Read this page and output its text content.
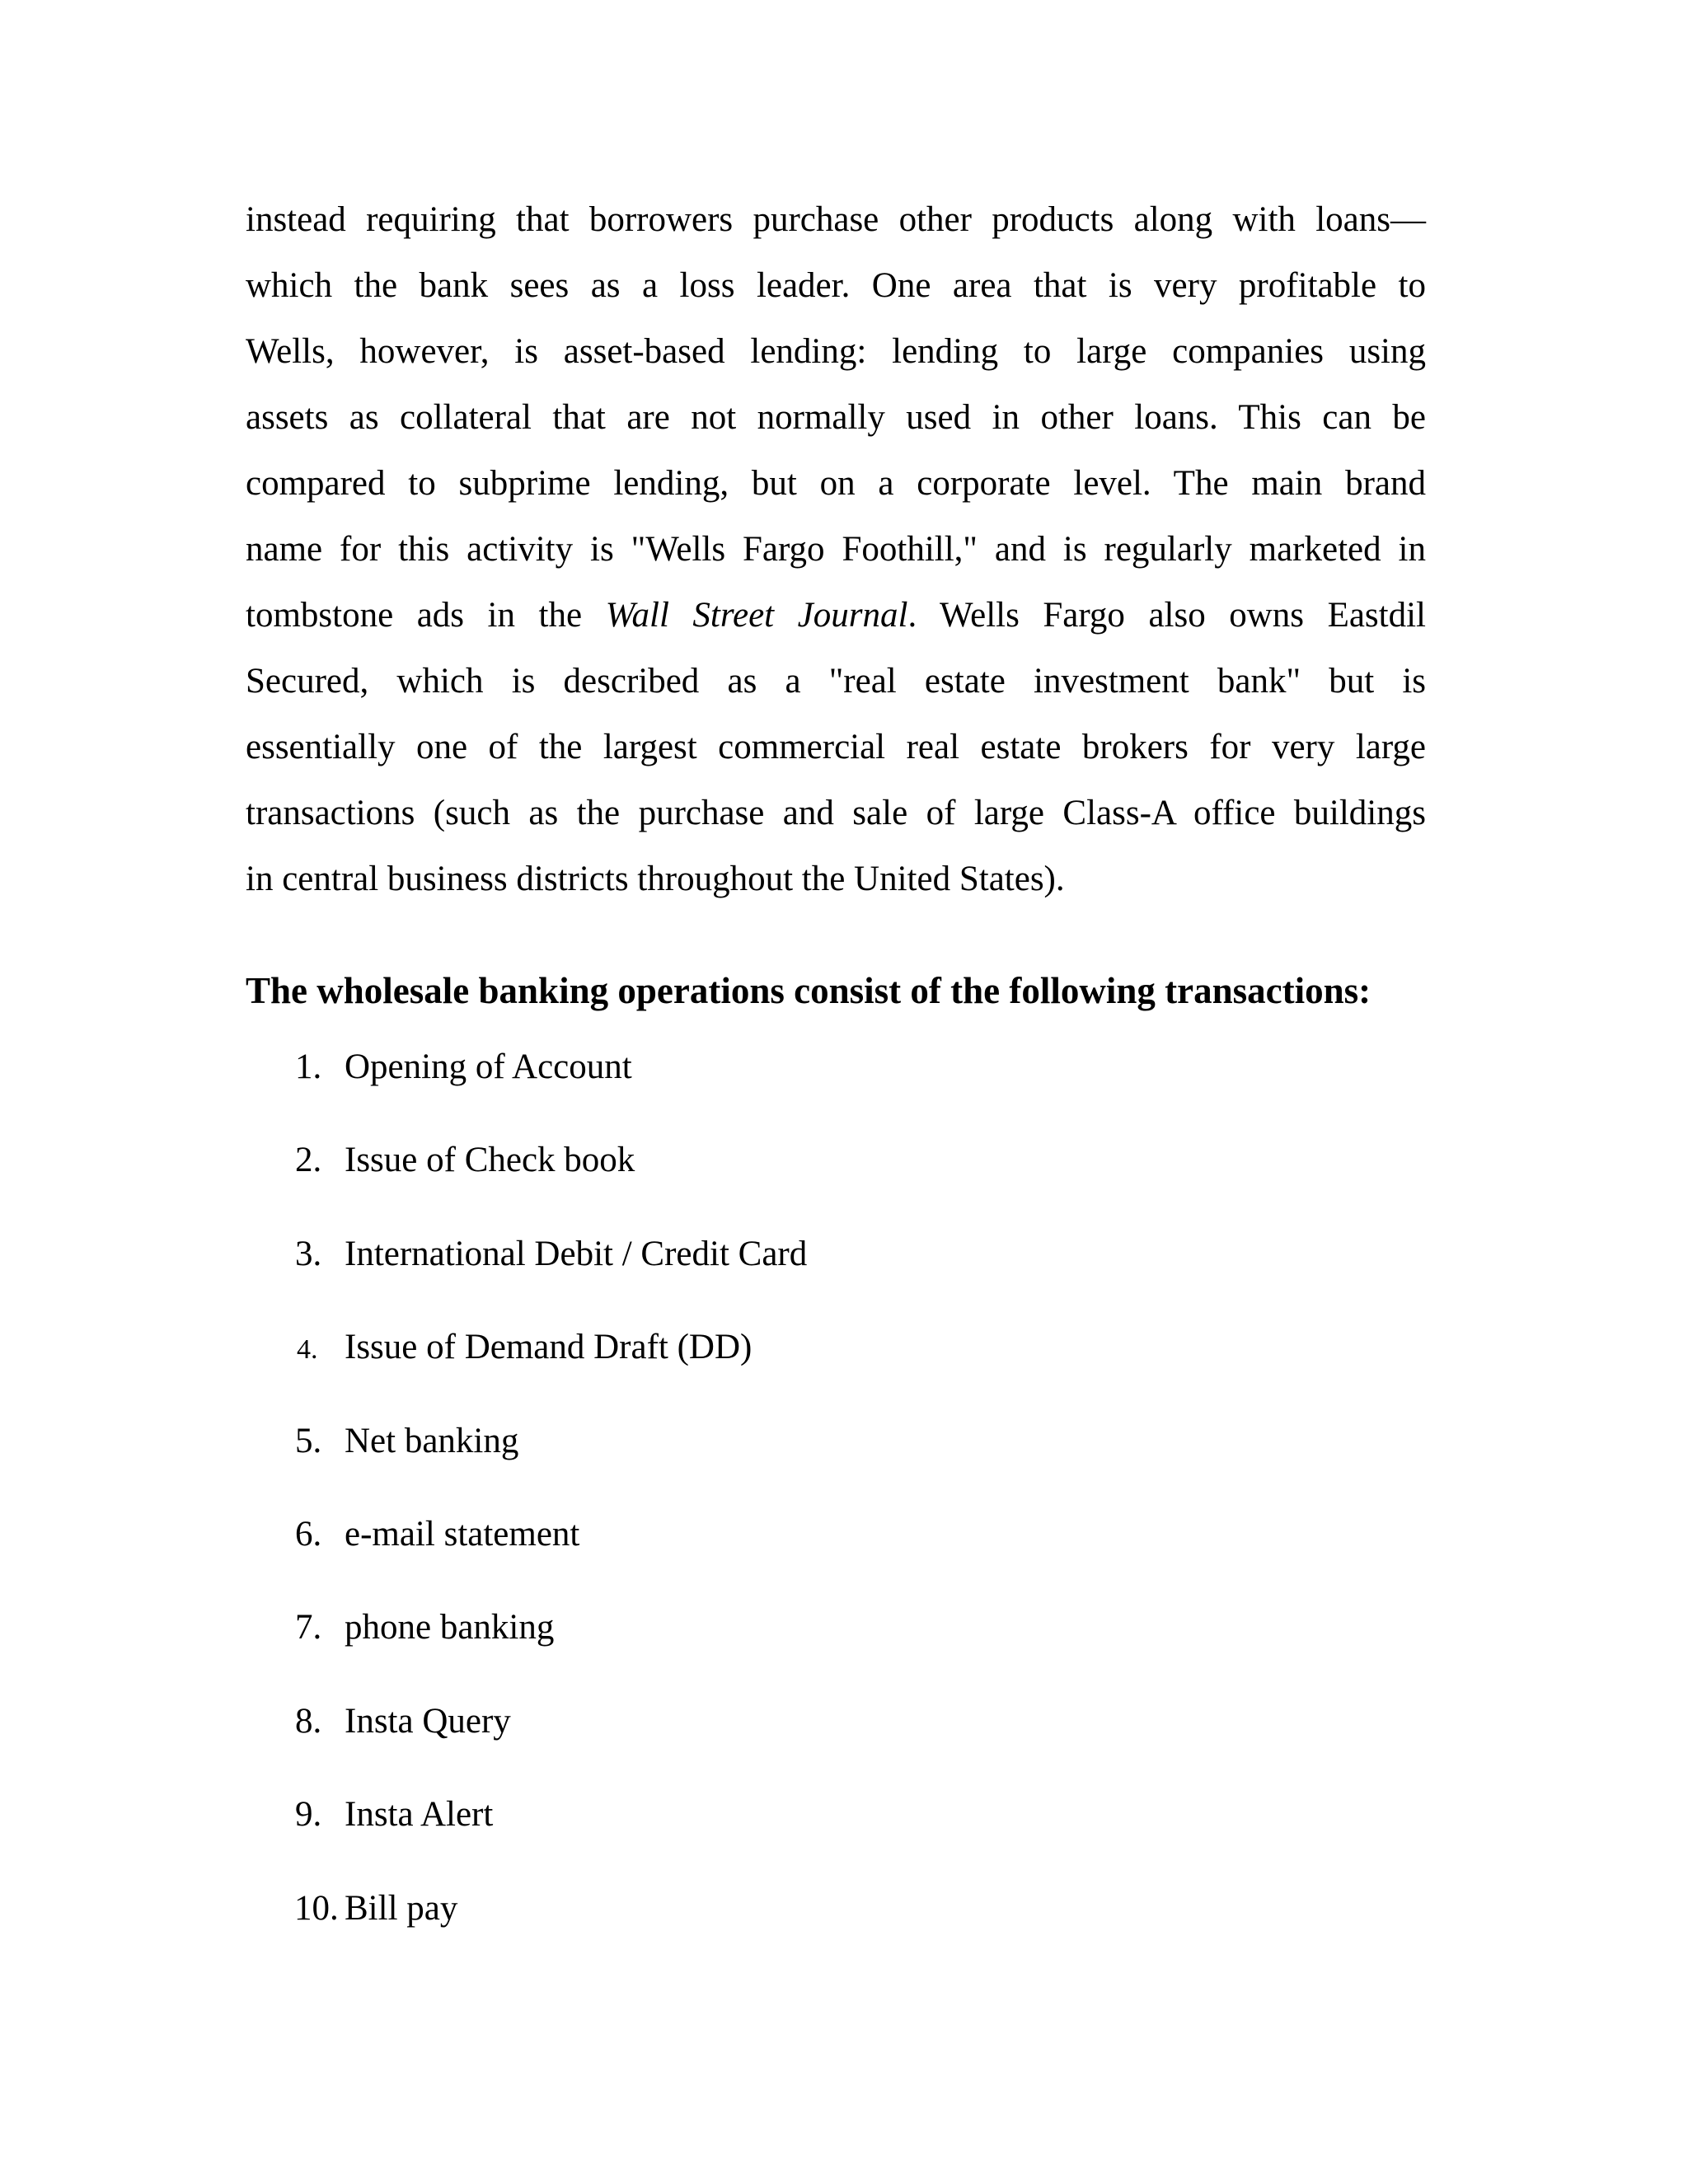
instead requiring that borrowers purchase other products along with loans—
which the bank sees as a loss leader. One area that is very profitable to
Wells, however, is asset-based lending: lending to large companies using
assets as collateral that are not normally used in other loans. This can be
compared to subprime lending, but on a corporate level. The main brand
name for this activity is "Wells Fargo Foothill," and is regularly marketed in
tombstone ads in the Wall Street Journal. Wells Fargo also owns Eastdil
Secured, which is described as a "real estate investment bank" but is
essentially one of the largest commercial real estate brokers for very large
transactions (such as the purchase and sale of large Class-A office buildings
in central business districts throughout the United States).
The wholesale banking operations consist of the following transactions:
1. Opening of Account
2. Issue of Check book
3. International Debit / Credit Card
4. Issue of Demand Draft (DD)
5. Net banking
6. e-mail statement
7. phone banking
8. Insta Query
9. Insta Alert
10. Bill pay
